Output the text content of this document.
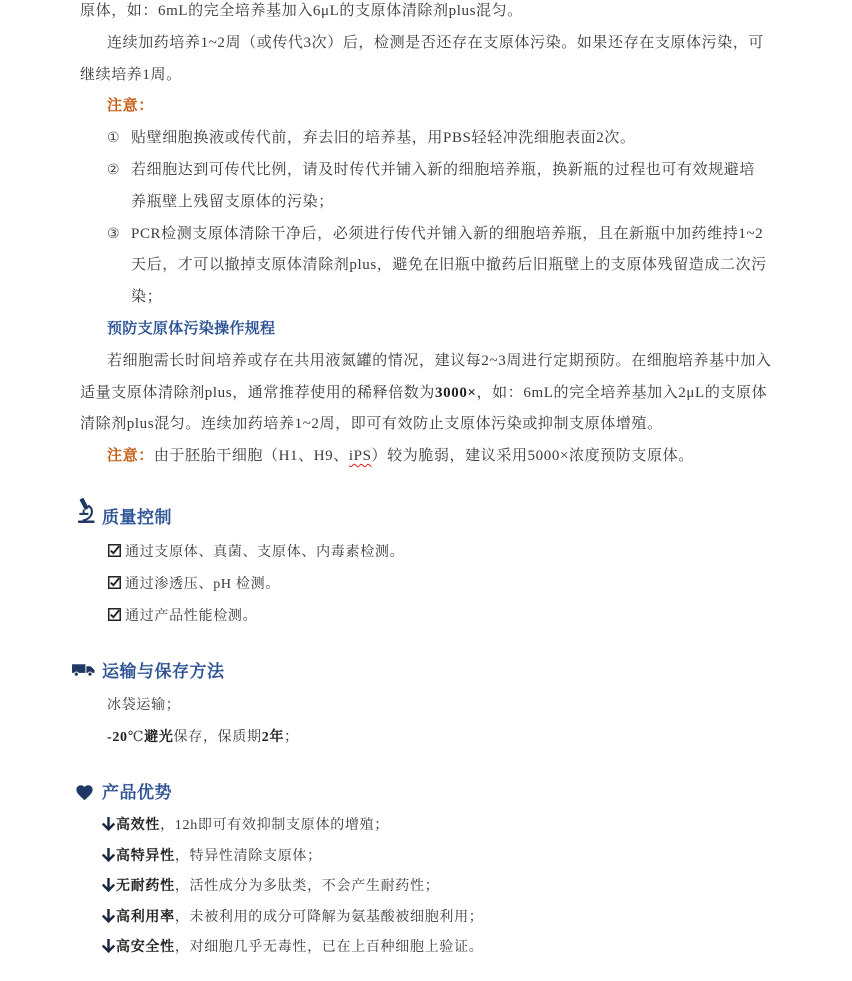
原体，如：6mL的完全培养基加入6μL的支原体清除剂plus混匀。
连续加药培养1~2周（或传代3次）后，检测是否还存在支原体污染。如果还存在支原体污染，可
继续培养1周。
注意：
① 贴壁细胞换液或传代前，弃去旧的培养基，用PBS轻轻冲洗细胞表面2次。
② 若细胞达到可传代比例，请及时传代并铺入新的细胞培养瓶，换新瓶的过程也可有效规避培
养瓶壁上残留支原体的污染；
③ PCR检测支原体清除干净后，必须进行传代并铺入新的细胞培养瓶，且在新瓶中加药维持1~2
天后，才可以撤掉支原体清除剂plus，避免在旧瓶中撤药后旧瓶壁上的支原体残留造成二次污
染；
预防支原体污染操作规程
若细胞需长时间培养或存在共用液氮罐的情况，建议每2~3周进行定期预防。在细胞培养基中加入
适量支原体清除剂plus，通常推荐使用的稀释倍数为3000×，如：6mL的完全培养基加入2μL的支原体
清除剂plus混匀。连续加药培养1~2周，即可有效防止支原体污染或抑制支原体增殖。
注意：由于胚胎干细胞（H1、H9、iPS）较为脆弱，建议采用5000×浓度预防支原体。
质量控制
通过支原体、真菌、支原体、内毒素检测。
通过渗透压、pH 检测。
通过产品性能检测。
运输与保存方法
冰袋运输；
-20℃避光保存，保质期2年；
产品优势
高效性，12h即可有效抑制支原体的增殖；
高特异性，特异性清除支原体；
无耐药性，活性成分为多肽类，不会产生耐药性；
高利用率，未被利用的成分可降解为氨基酸被细胞利用；
高安全性，对细胞几乎无毒性，已在上百种细胞上验证。
